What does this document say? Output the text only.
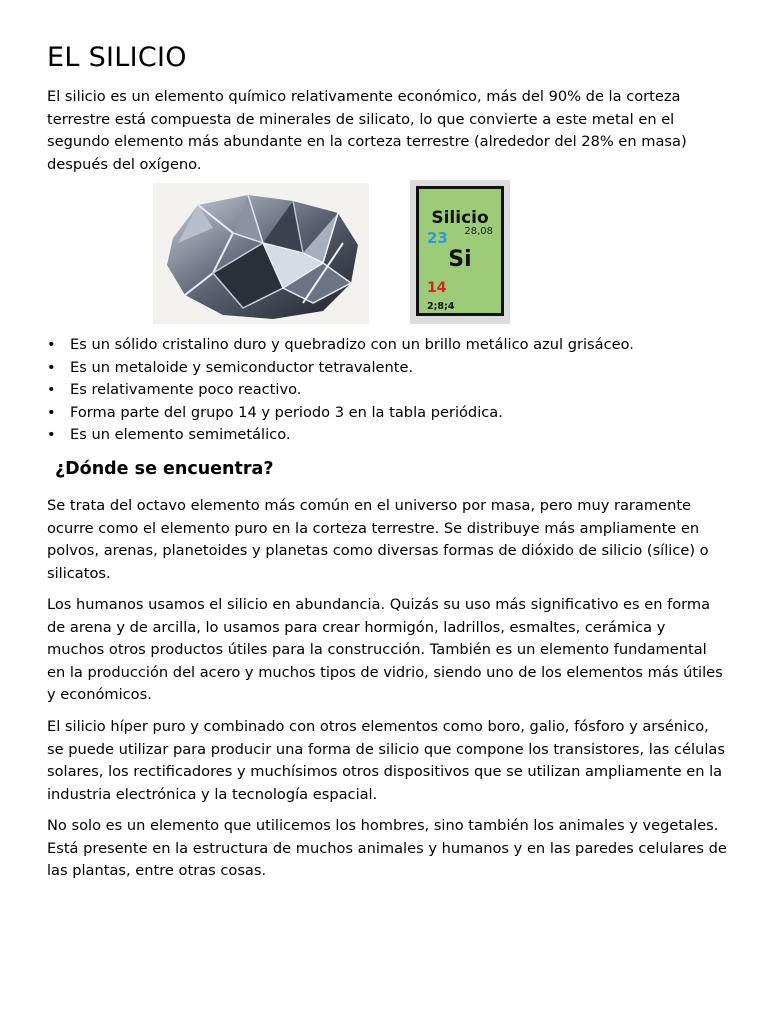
EL SILICIO

El silicio es un elemento químico relativamente económico, más del 90% de la corteza terrestre está compuesta de minerales de silicato, lo que convierte a este metal en el segundo elemento más abundante en la corteza terrestre (alrededor del 28% en masa) después del oxígeno.

Silicio
28,08
23
Si
14
2;8;4
• Es un sólido cristalino duro y quebradizo con un brillo metálico azul grisáceo.
• Es un metaloide y semiconductor tetravalente.
• Es relativamente poco reactivo.
• Forma parte del grupo 14 y periodo 3 en la tabla periódica.
• Es un elemento semimetálico.
¿Dónde se encuentra?

Se trata del octavo elemento más común en el universo por masa, pero muy raramente ocurre como el elemento puro en la corteza terrestre. Se distribuye más ampliamente en polvos, arenas, planetoides y planetas como diversas formas de dióxido de silicio (sílice) o silicatos.

Los humanos usamos el silicio en abundancia. Quizás su uso más significativo es en forma de arena y de arcilla, lo usamos para crear hormigón, ladrillos, esmaltes, cerámica y muchos otros productos útiles para la construcción. También es un elemento fundamental en la producción del acero y muchos tipos de vidrio, siendo uno de los elementos más útiles y económicos.

El silicio híper puro y combinado con otros elementos como boro, galio, fósforo y arsénico, se puede utilizar para producir una forma de silicio que compone los transistores, las células solares, los rectificadores y muchísimos otros dispositivos que se utilizan ampliamente en la industria electrónica y la tecnología espacial.

No solo es un elemento que utilicemos los hombres, sino también los animales y vegetales. Está presente en la estructura de muchos animales y humanos y en las paredes celulares de las plantas, entre otras cosas.
